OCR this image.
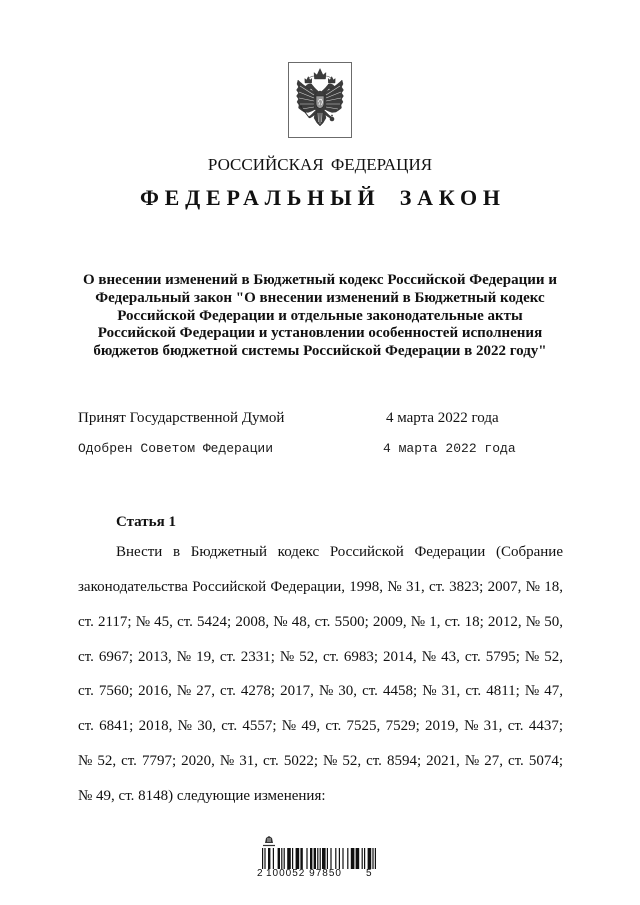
РОССИЙСКАЯ ФЕДЕРАЦИЯ
ФЕДЕРАЛЬНЫЙ ЗАКОН
О внесении изменений в Бюджетный кодекс Российской Федерации и
Федеральный закон "О внесении изменений в Бюджетный кодекс
Российской Федерации и отдельные законодательные акты
Российской Федерации и установлении особенностей исполнения
бюджетов бюджетной системы Российской Федерации в 2022 году"
Принят Государственной Думой	4 марта 2022 года
Одобрен Советом Федерации	4 марта 2022 года
Статья 1
Внести в Бюджетный кодекс Российской Федерации (Собрание
законодательства Российской Федерации, 1998, № 31, ст. 3823; 2007, № 18,
ст. 2117; № 45, ст. 5424; 2008, № 48, ст. 5500; 2009, № 1, ст. 18; 2012, № 50,
ст. 6967; 2013, № 19, ст. 2331; № 52, ст. 6983; 2014, № 43, ст. 5795; № 52,
ст. 7560; 2016, № 27, ст. 4278; 2017, № 30, ст. 4458; № 31, ст. 4811; № 47,
ст. 6841; 2018, № 30, ст. 4557; № 49, ст. 7525, 7529; 2019, № 31, ст. 4437;
№ 52, ст. 7797; 2020, № 31, ст. 5022; № 52, ст. 8594; 2021, № 27, ст. 5074;
№ 49, ст. 8148) следующие изменения:
2 100052 97850 5
